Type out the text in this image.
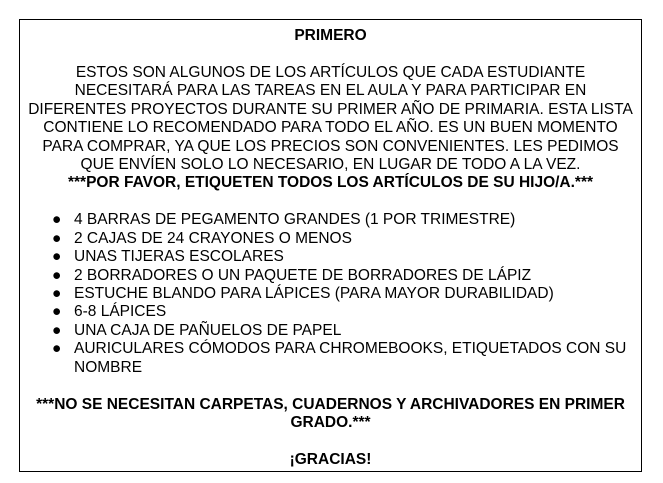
PRIMERO

ESTOS SON ALGUNOS DE LOS ARTÍCULOS QUE CADA ESTUDIANTE NECESITARÁ PARA LAS TAREAS EN EL AULA Y PARA PARTICIPAR EN DIFERENTES PROYECTOS DURANTE SU PRIMER AÑO DE PRIMARIA. ESTA LISTA CONTIENE LO RECOMENDADO PARA TODO EL AÑO. ES UN BUEN MOMENTO PARA COMPRAR, YA QUE LOS PRECIOS SON CONVENIENTES. LES PEDIMOS QUE ENVÍEN SOLO LO NECESARIO, EN LUGAR DE TODO A LA VEZ.
***POR FAVOR, ETIQUETEN TODOS LOS ARTÍCULOS DE SU HIJO/A.***

● 4 BARRAS DE PEGAMENTO GRANDES (1 POR TRIMESTRE)
● 2 CAJAS DE 24 CRAYONES O MENOS
● UNAS TIJERAS ESCOLARES
● 2 BORRADORES O UN PAQUETE DE BORRADORES DE LÁPIZ
● ESTUCHE BLANDO PARA LÁPICES (PARA MAYOR DURABILIDAD)
● 6-8 LÁPICES
● UNA CAJA DE PAÑUELOS DE PAPEL
● AURICULARES CÓMODOS PARA CHROMEBOOKS, ETIQUETADOS CON SU NOMBRE

***NO SE NECESITAN CARPETAS, CUADERNOS Y ARCHIVADORES EN PRIMER GRADO.***

¡GRACIAS!
